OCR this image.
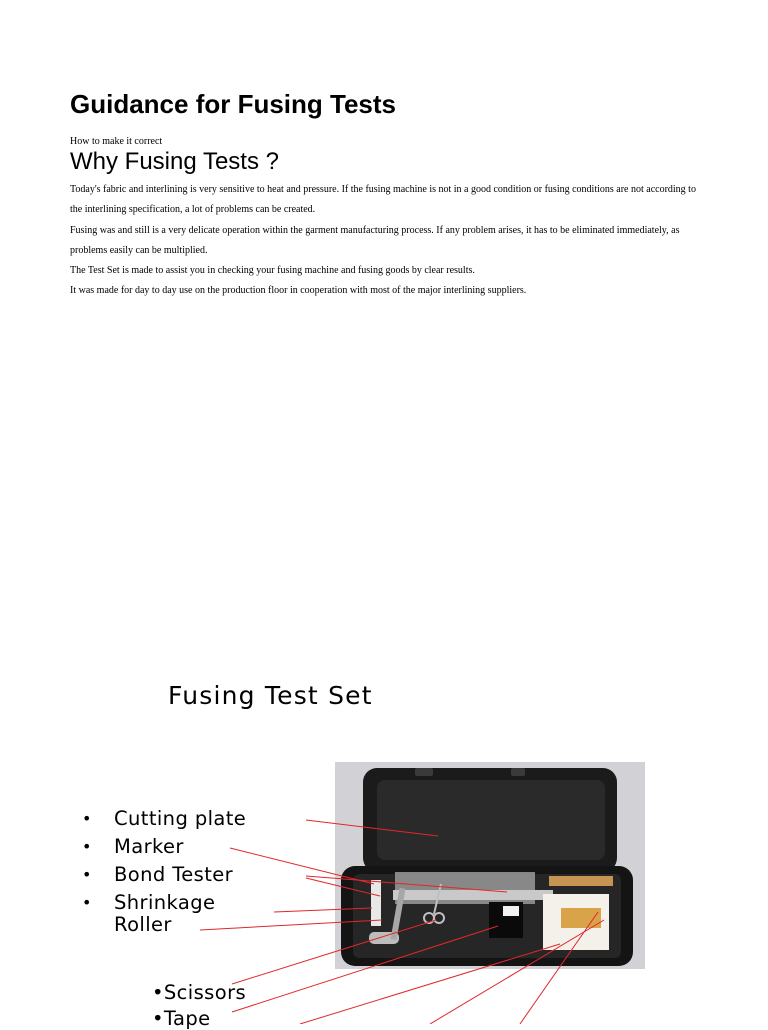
Guidance for Fusing Tests
How to make it correct
Why Fusing Tests ?

Today's fabric and interlining is very sensitive to heat and pressure. If the fusing machine is not in a good condition or fusing conditions are not according to the interlining specification, a lot of problems can be created.

Fusing was and still is a very delicate operation within the garment manufacturing process. If any problem arises, it has to be eliminated immediately, as problems easily can be multiplied.

The Test Set is made to assist you in checking your fusing machine and fusing goods by clear results.

It was made for day to day use on the production floor in cooperation with most of the major interlining suppliers.

Fusing Test Set
• Cutting plate
• Marker
• Bond Tester
• Shrinkage
Roller
•Scissors
•Tape
